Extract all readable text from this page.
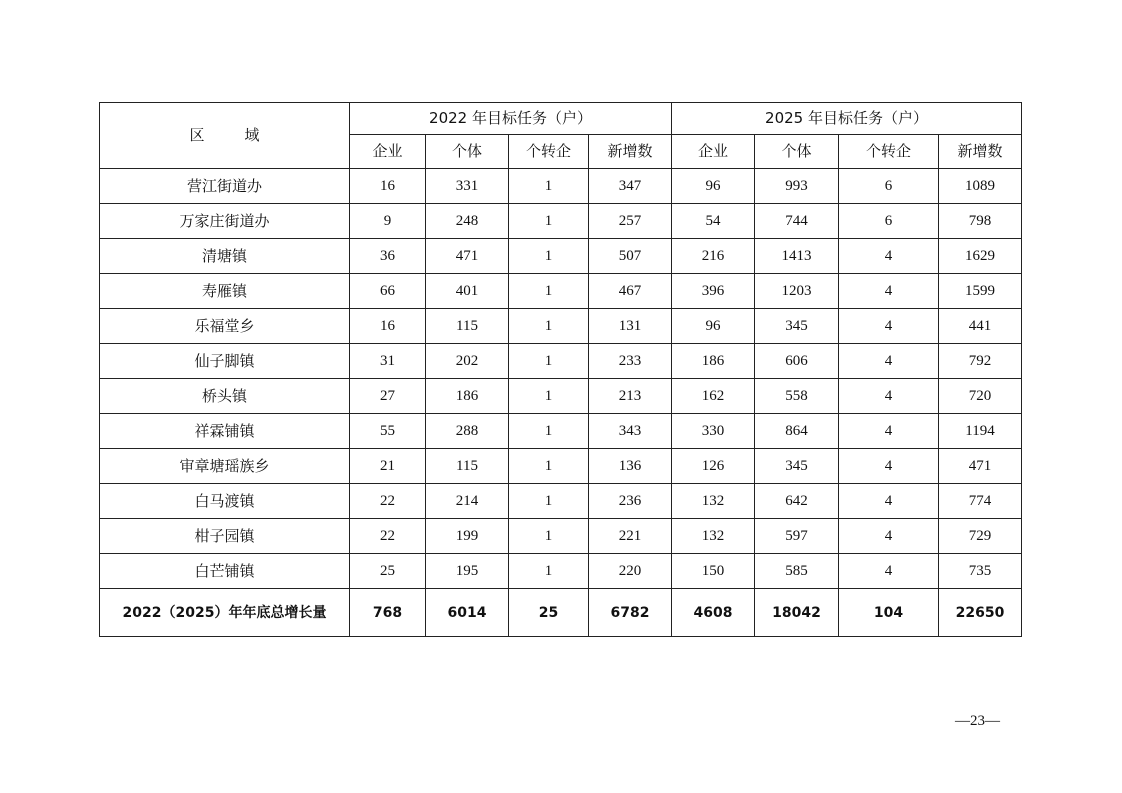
区 域	2022 年目标任务（户）				2025 年目标任务（户）			
	企业	个体	个转企	新增数	企业	个体	个转企	新增数
营江街道办	16	331	1	347	96	993	6	1089
万家庄街道办	9	248	1	257	54	744	6	798
清塘镇	36	471	1	507	216	1413	4	1629
寿雁镇	66	401	1	467	396	1203	4	1599
乐福堂乡	16	115	1	131	96	345	4	441
仙子脚镇	31	202	1	233	186	606	4	792
桥头镇	27	186	1	213	162	558	4	720
祥霖铺镇	55	288	1	343	330	864	4	1194
审章塘瑶族乡	21	115	1	136	126	345	4	471
白马渡镇	22	214	1	236	132	642	4	774
柑子园镇	22	199	1	221	132	597	4	729
白芒铺镇	25	195	1	220	150	585	4	735
2022（2025）年年底总增长量	768	6014	25	6782	4608	18042	104	22650
—23—
